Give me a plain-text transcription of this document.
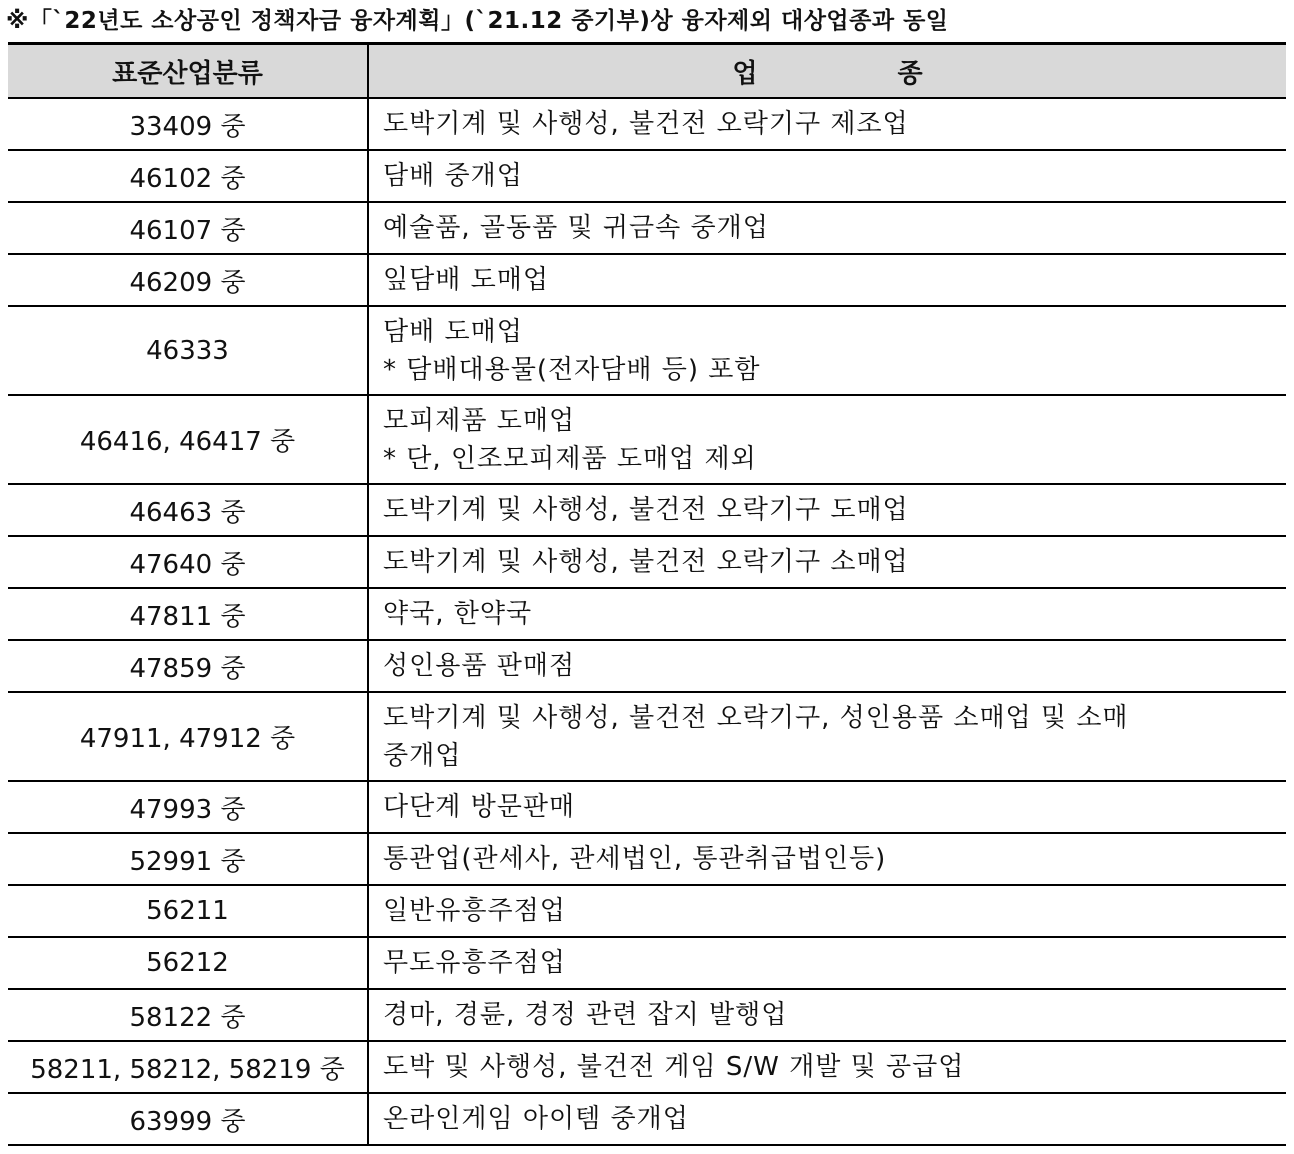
※「`22년도 소상공인 정책자금 융자계획」(`21.12 중기부)상 융자제외 대상업종과 동일
표준산업분류	업 종
33409 중	도박기계 및 사행성, 불건전 오락기구 제조업
46102 중	담배 중개업
46107 중	예술품, 골동품 및 귀금속 중개업
46209 중	잎담배 도매업
46333	담배 도매업
* 담배대용물(전자담배 등) 포함

46416, 46417 중	모피제품 도매업
* 단, 인조모피제품 도매업 제외

46463 중	도박기계 및 사행성, 불건전 오락기구 도매업
47640 중	도박기계 및 사행성, 불건전 오락기구 소매업
47811 중	약국, 한약국
47859 중	성인용품 판매점
47911, 47912 중	도박기계 및 사행성, 불건전 오락기구, 성인용품 소매업 및 소매
중개업

47993 중	다단계 방문판매
52991 중	통관업(관세사, 관세법인, 통관취급법인등)
56211	일반유흥주점업
56212	무도유흥주점업
58122 중	경마, 경륜, 경정 관련 잡지 발행업
58211, 58212, 58219 중	도박 및 사행성, 불건전 게임 S/W 개발 및 공급업
63999 중	온라인게임 아이템 중개업
